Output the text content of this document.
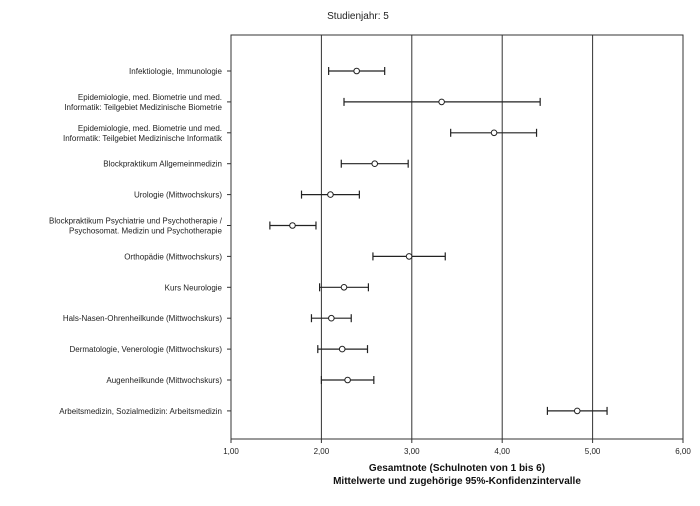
Studienjahr: 5
1,00	2,00	3,00	4,00	5,00	6,00
Infektiologie, Immunologie
Epidemiologie, med. Biometrie und med.
Informatik: Teilgebiet Medizinische Biometrie
Epidemiologie, med. Biometrie und med.
Informatik: Teilgebiet Medizinische Informatik
Blockpraktikum Allgemeinmedizin
Urologie (Mittwochskurs)
Blockpraktikum Psychiatrie und Psychotherapie /
Psychosomat. Medizin und Psychotherapie
Orthopädie (Mittwochskurs)
Kurs Neurologie
Hals-Nasen-Ohrenheilkunde (Mittwochskurs)
Dermatologie, Venerologie (Mittwochskurs)
Augenheilkunde (Mittwochskurs)
Arbeitsmedizin, Sozialmedizin: Arbeitsmedizin
Gesamtnote (Schulnoten von 1 bis 6)
Mittelwerte und zugehörige 95%-Konfidenzintervalle
